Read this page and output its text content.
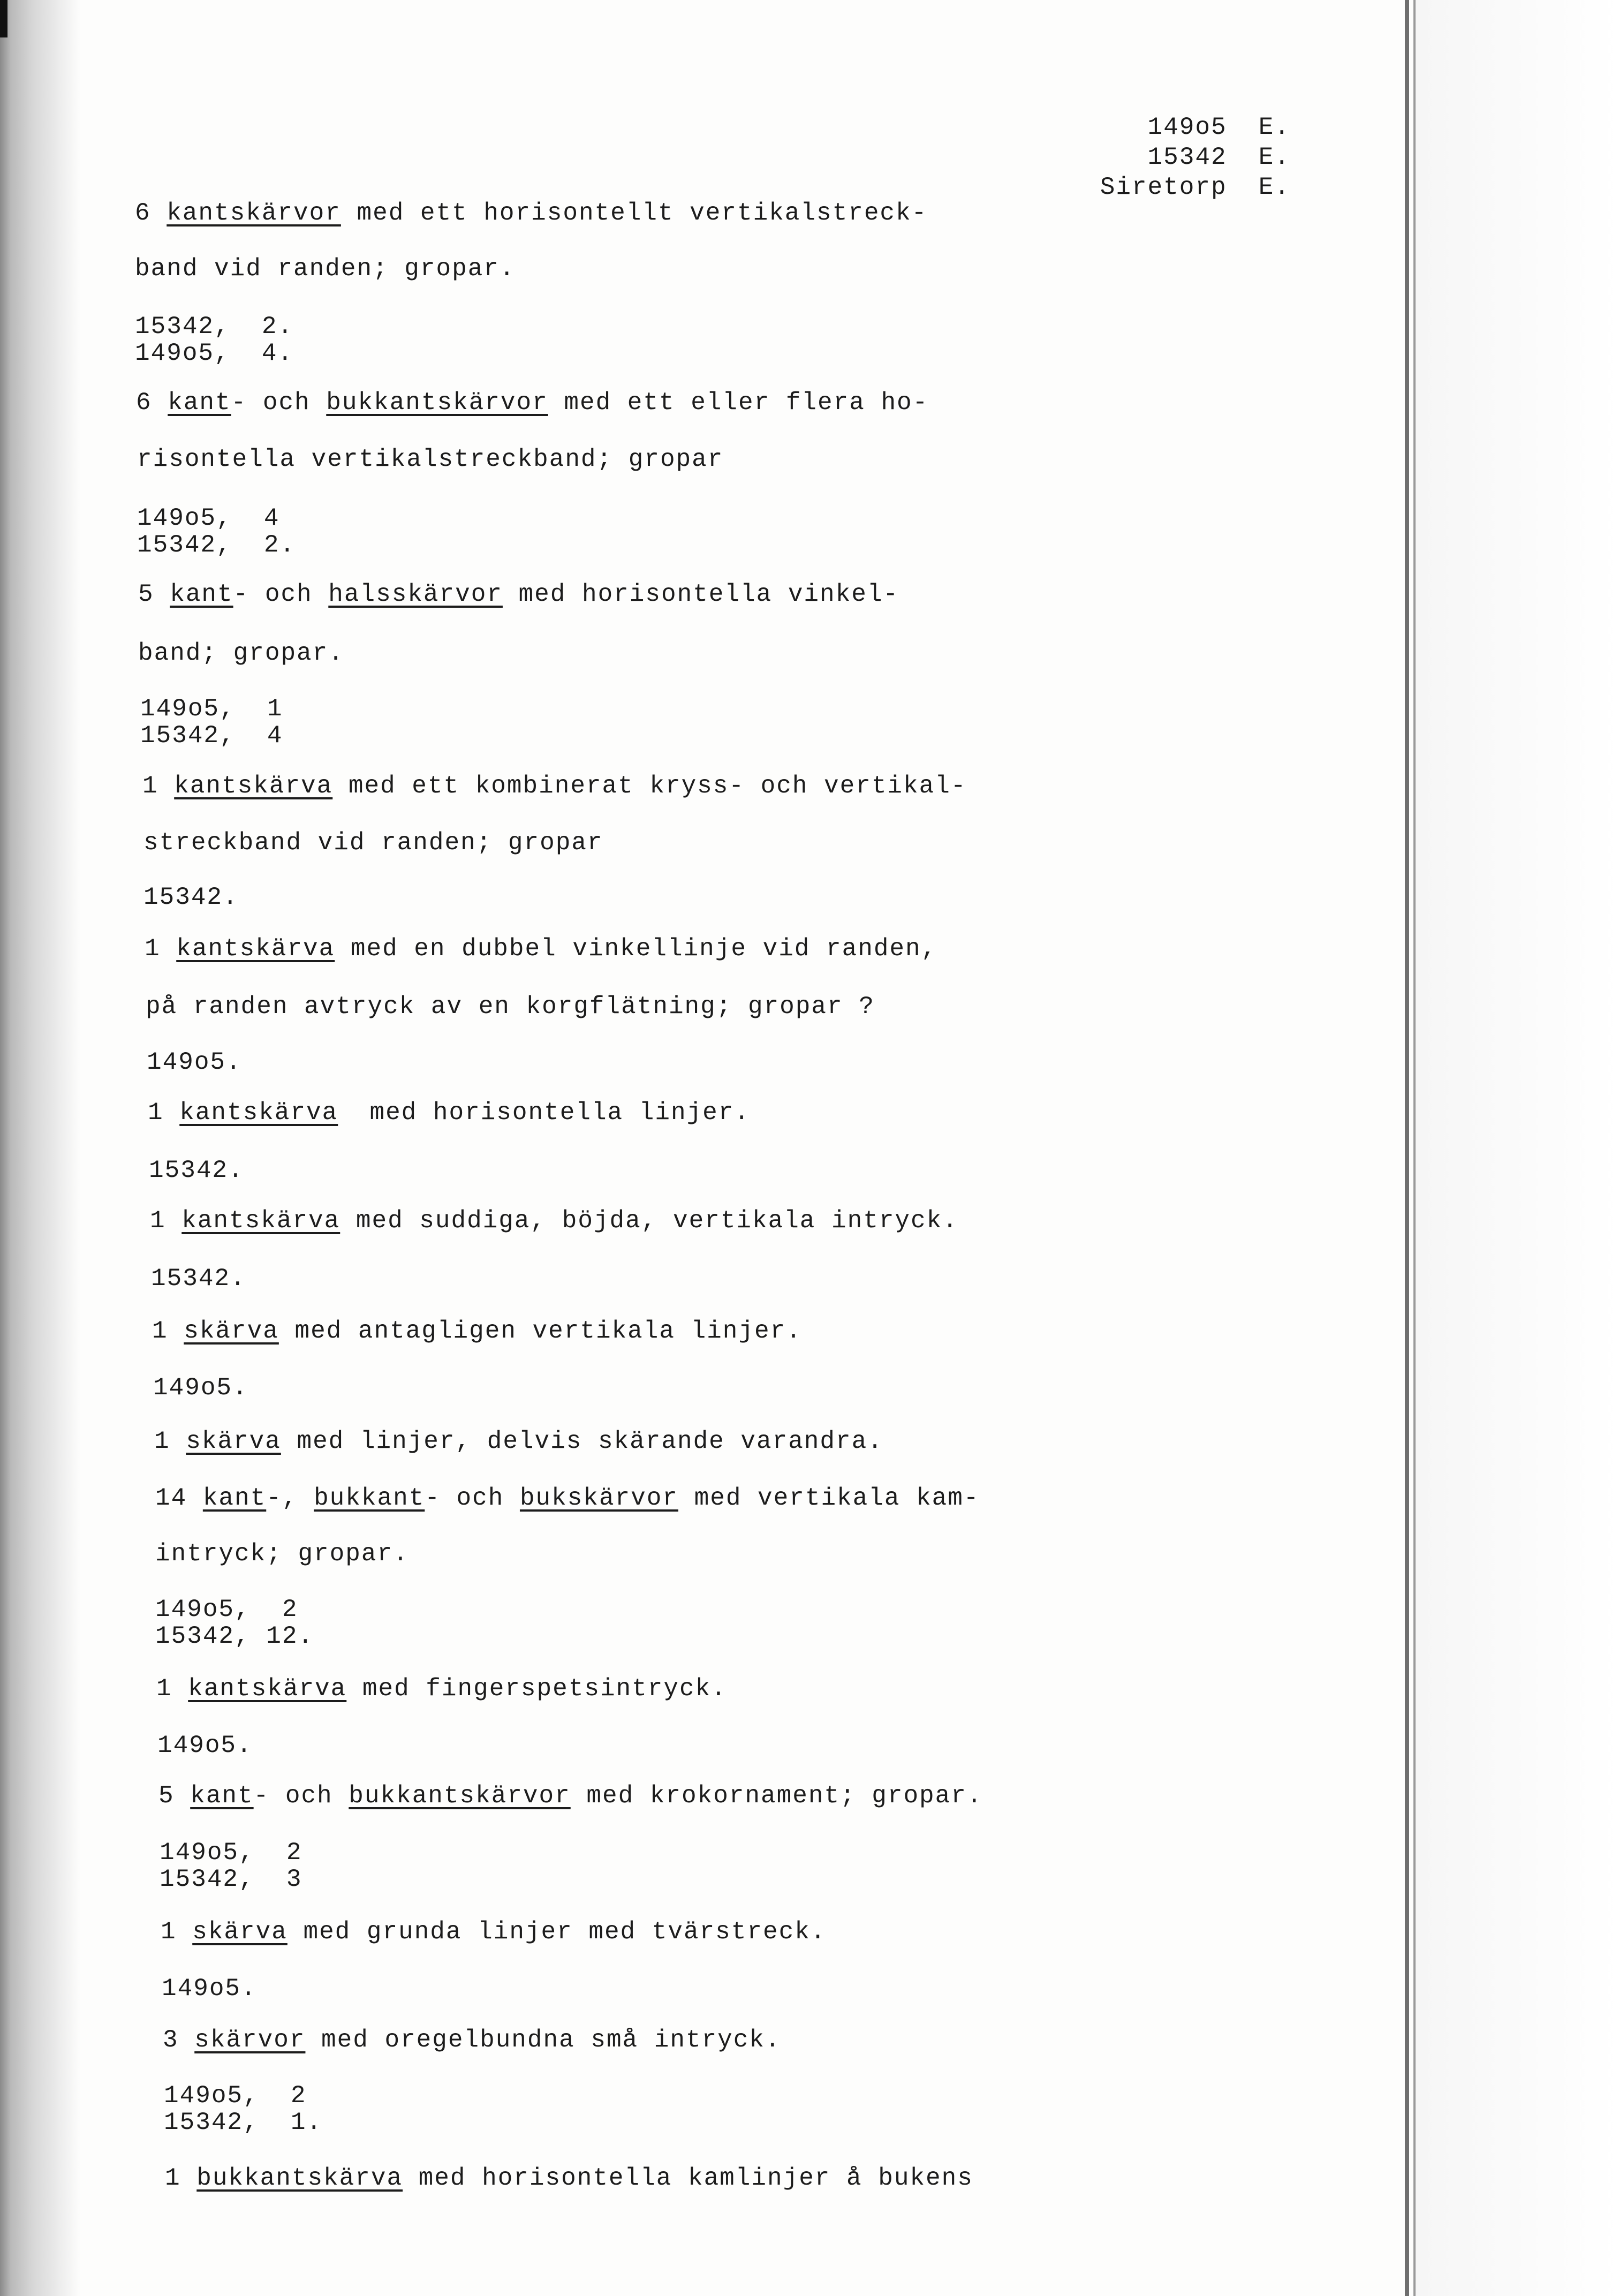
149o5  E.
15342  E.
Siretorp  E.

6 kantskärvor med ett horisontellt vertikalstreck-

band vid randen; gropar.

15342,  2.

149o5,  4.

6 kant- och bukkantskärvor med ett eller flera ho-

risontella vertikalstreckband; gropar

149o5,  4

15342,  2.

5 kant- och halsskärvor med horisontella vinkel-

band; gropar.

149o5,  1

15342,  4

1 kantskärva med ett kombinerat kryss- och vertikal-

streckband vid randen; gropar

15342.

1 kantskärva med en dubbel vinkellinje vid randen,

på randen avtryck av en korgflätning; gropar ?

149o5.

1 kantskärva  med horisontella linjer.

15342.

1 kantskärva med suddiga, böjda, vertikala intryck.

15342.

1 skärva med antagligen vertikala linjer.

149o5.

1 skärva med linjer, delvis skärande varandra.

14 kant-, bukkant- och bukskärvor med vertikala kam-

intryck; gropar.

149o5,  2

15342, 12.

1 kantskärva med fingerspetsintryck.

149o5.

5 kant- och bukkantskärvor med krokornament; gropar.

149o5,  2

15342,  3

1 skärva med grunda linjer med tvärstreck.

149o5.

3 skärvor med oregelbundna små intryck.

149o5,  2

15342,  1.

1 bukkantskärva med horisontella kamlinjer å bukens
